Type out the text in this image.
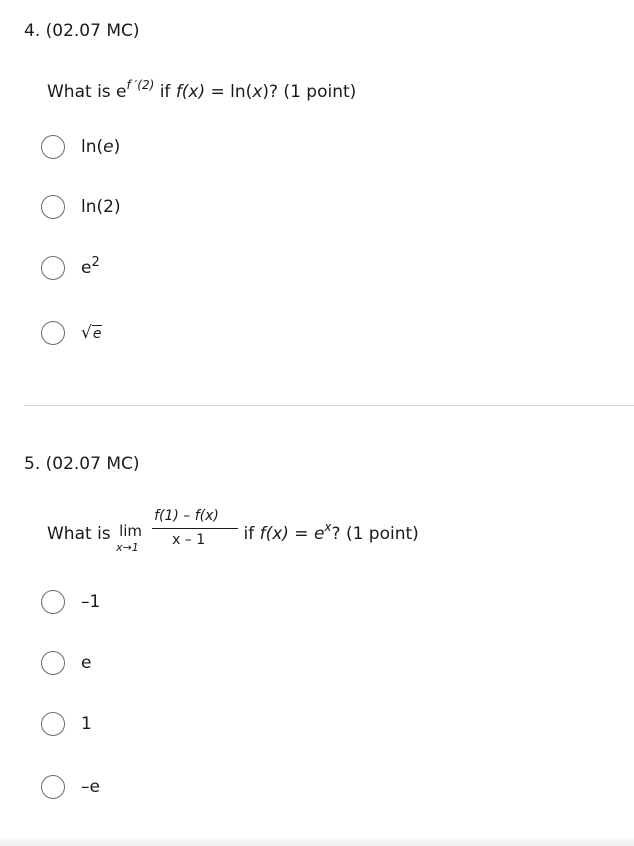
4. (02.07 MC)
What is $e^{f '(2)}$ if f(x) = ln(x)? (1 point)
ln(e)
ln(2)
$e^2$
√e
5. (02.07 MC)
What is lim
x→1
f(1) – f(x)
x – 1 if $f(x) = e^x$? (1 point)
–1
e
1
–e
